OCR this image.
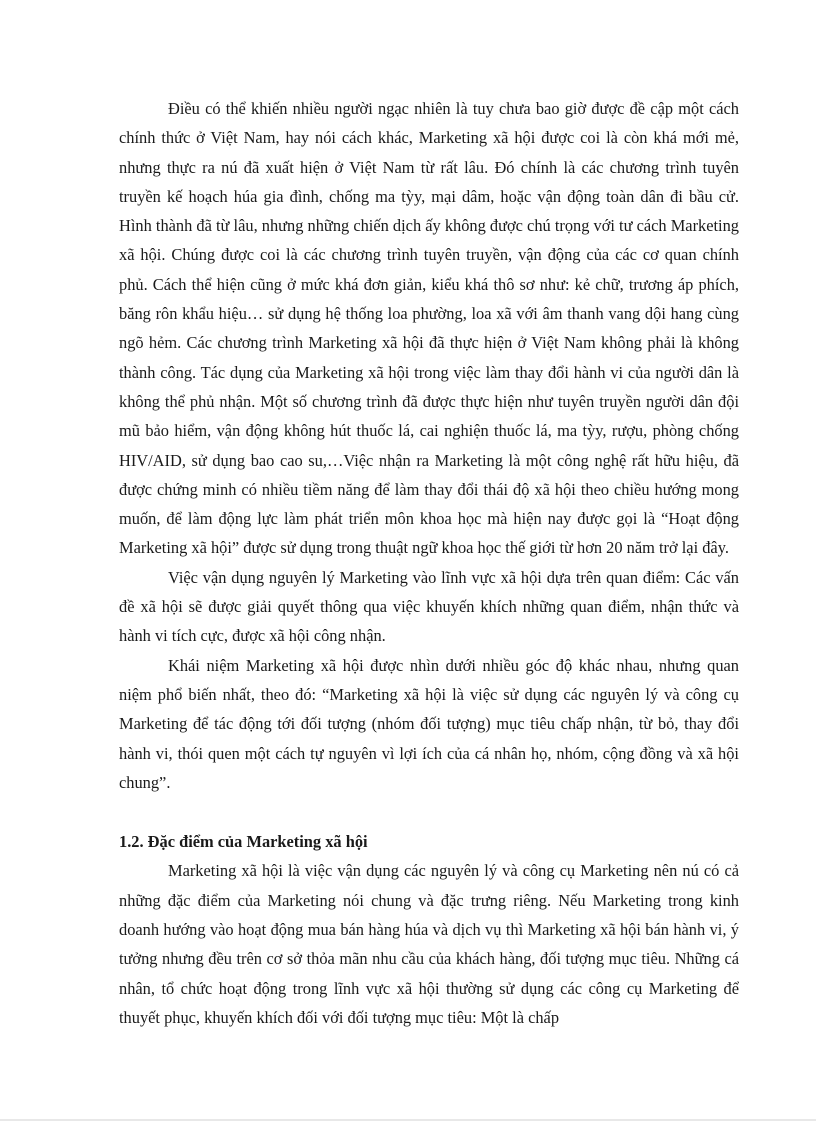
Điều có thể khiến nhiều người ngạc nhiên là tuy chưa bao giờ được đề cập một cách chính thức ở Việt Nam, hay nói cách khác, Marketing xã hội được coi là còn khá mới mẻ, nhưng thực ra nú đã xuất hiện ở Việt Nam từ rất lâu. Đó chính là các chương trình tuyên truyền kế hoạch húa gia đình, chống ma tỳy, mại dâm, hoặc vận động toàn dân đi bầu cử. Hình thành đã từ lâu, nhưng những chiến dịch ấy không được chú trọng với tư cách Marketing xã hội. Chúng được coi là các chương trình tuyên truyền, vận động của các cơ quan chính phủ. Cách thể hiện cũng ở mức khá đơn giản, kiểu khá thô sơ như: kẻ chữ, trương áp phích, băng rôn khẩu hiệu… sử dụng hệ thống loa phường, loa xã với âm thanh vang dội hang cùng ngõ hẻm. Các chương trình Marketing xã hội đã thực hiện ở Việt Nam không phải là không thành công. Tác dụng của Marketing xã hội trong việc làm thay đổi hành vi của người dân là không thể phủ nhận. Một số chương trình đã được thực hiện như tuyên truyền người dân đội mũ bảo hiểm, vận động không hút thuốc lá, cai nghiện thuốc lá, ma tỳy, rượu, phòng chống HIV/AID, sử dụng bao cao su,…Việc nhận ra Marketing là một công nghệ rất hữu hiệu, đã được chứng minh có nhiều tiềm năng để làm thay đổi thái độ xã hội theo chiều hướng mong muốn, để làm động lực làm phát triển môn khoa học mà hiện nay được gọi là “Hoạt động Marketing xã hội” được sử dụng trong thuật ngữ khoa học thế giới từ hơn 20 năm trở lại đây.

Việc vận dụng nguyên lý Marketing vào lĩnh vực xã hội dựa trên quan điểm: Các vấn đề xã hội sẽ được giải quyết thông qua việc khuyến khích những quan điểm, nhận thức và hành vi tích cực, được xã hội công nhận.

Khái niệm Marketing xã hội được nhìn dưới nhiều góc độ khác nhau, nhưng quan niệm phổ biến nhất, theo đó: “Marketing xã hội là việc sử dụng các nguyên lý và công cụ Marketing để tác động tới đối tượng (nhóm đối tượng) mục tiêu chấp nhận, từ bỏ, thay đổi hành vi, thói quen một cách tự nguyên vì lợi ích của cá nhân họ, nhóm, cộng đồng và xã hội chung”.

1.2. Đặc điểm của Marketing xã hội

Marketing xã hội là việc vận dụng các nguyên lý và công cụ Marketing nên nú có cả những đặc điểm của Marketing nói chung và đặc trưng riêng. Nếu Marketing trong kinh doanh hướng vào hoạt động mua bán hàng húa và dịch vụ thì Marketing xã hội bán hành vi, ý tưởng nhưng đều trên cơ sở thỏa mãn nhu cầu của khách hàng, đối tượng mục tiêu. Những cá nhân, tổ chức hoạt động trong lĩnh vực xã hội thường sử dụng các công cụ Marketing để thuyết phục, khuyến khích đối với đối tượng mục tiêu: Một là chấp
